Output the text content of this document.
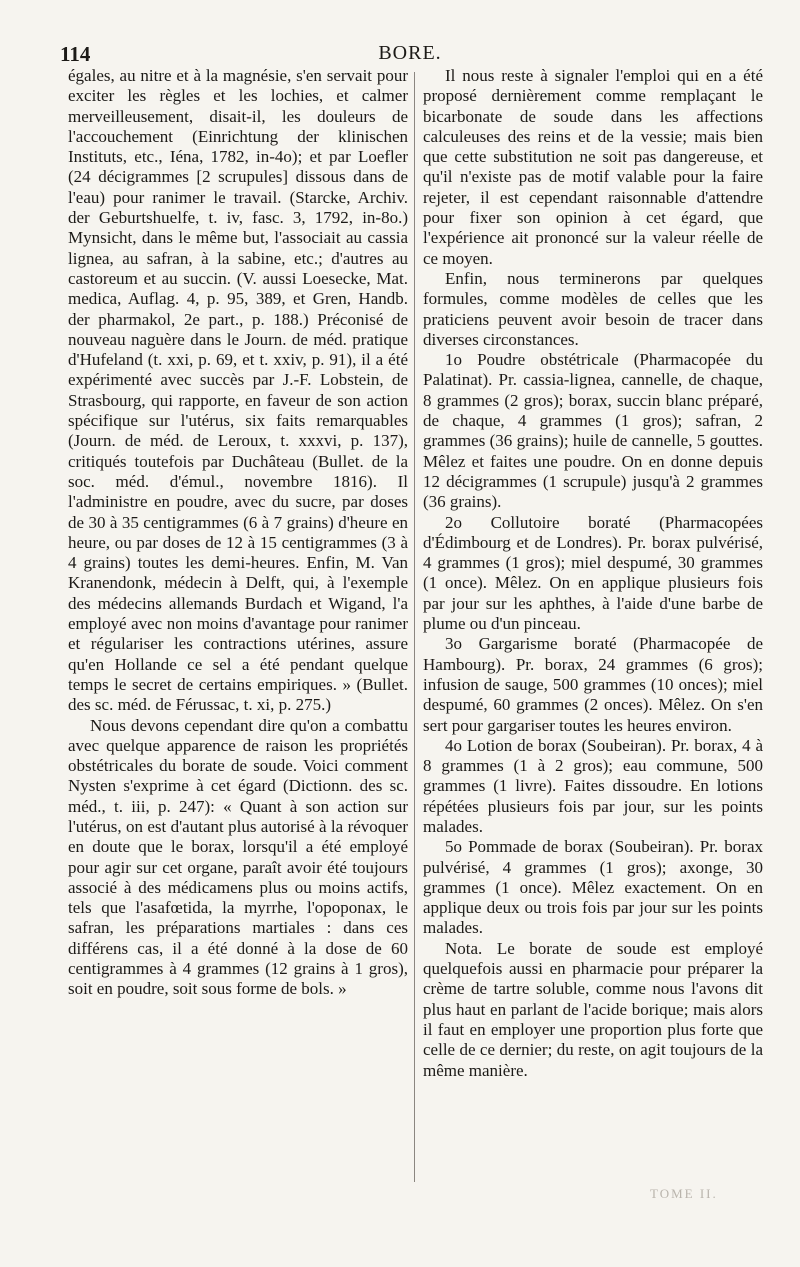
114	BORE.

égales, au nitre et à la magnésie, s'en servait pour exciter les règles et les lochies, et calmer merveilleusement, disait-il, les douleurs de l'accouchement (Einrichtung der klinischen Instituts, etc., Iéna, 1782, in-4o); et par Loefler (24 décigrammes [2 scrupules] dissous dans de l'eau) pour ranimer le travail. (Starcke, Archiv. der Geburtshuelfe, t. iv, fasc. 3, 1792, in-8o.) Mynsicht, dans le même but, l'associait au cassia lignea, au safran, à la sabine, etc.; d'autres au castoreum et au succin. (V. aussi Loesecke, Mat. medica, Auflag. 4, p. 95, 389, et Gren, Handb. der pharmakol, 2e part., p. 188.) Préconisé de nouveau naguère dans le Journ. de méd. pratique d'Hufeland (t. xxi, p. 69, et t. xxiv, p. 91), il a été expérimenté avec succès par J.-F. Lobstein, de Strasbourg, qui rapporte, en faveur de son action spécifique sur l'utérus, six faits remarquables (Journ. de méd. de Leroux, t. xxxvi, p. 137), critiqués toutefois par Duchâteau (Bullet. de la soc. méd. d'émul., novembre 1816). Il l'administre en poudre, avec du sucre, par doses de 30 à 35 centigrammes (6 à 7 grains) d'heure en heure, ou par doses de 12 à 15 centigrammes (3 à 4 grains) toutes les demi-heures. Enfin, M. Van Kranendonk, médecin à Delft, qui, à l'exemple des médecins allemands Burdach et Wigand, l'a employé avec non moins d'avantage pour ranimer et régulariser les contractions utérines, assure qu'en Hollande ce sel a été pendant quelque temps le secret de certains empiriques. » (Bullet. des sc. méd. de Férussac, t. xi, p. 275.)

Nous devons cependant dire qu'on a combattu avec quelque apparence de raison les propriétés obstétricales du borate de soude. Voici comment Nysten s'exprime à cet égard (Dictionn. des sc. méd., t. iii, p. 247): « Quant à son action sur l'utérus, on est d'autant plus autorisé à la révoquer en doute que le borax, lorsqu'il a été employé pour agir sur cet organe, paraît avoir été toujours associé à des médicamens plus ou moins actifs, tels que l'asafœtida, la myrrhe, l'opoponax, le safran, les préparations martiales : dans ces différens cas, il a été donné à la dose de 60 centigrammes à 4 grammes (12 grains à 1 gros), soit en poudre, soit sous forme de bols. »

Il nous reste à signaler l'emploi qui en a été proposé dernièrement comme remplaçant le bicarbonate de soude dans les affections calculeuses des reins et de la vessie; mais bien que cette substitution ne soit pas dangereuse, et qu'il n'existe pas de motif valable pour la faire rejeter, il est cependant raisonnable d'attendre pour fixer son opinion à cet égard, que l'expérience ait prononcé sur la valeur réelle de ce moyen.

Enfin, nous terminerons par quelques formules, comme modèles de celles que les praticiens peuvent avoir besoin de tracer dans diverses circonstances.

1o Poudre obstétricale (Pharmacopée du Palatinat). Pr. cassia-lignea, cannelle, de chaque, 8 grammes (2 gros); borax, succin blanc préparé, de chaque, 4 grammes (1 gros); safran, 2 grammes (36 grains); huile de cannelle, 5 gouttes. Mêlez et faites une poudre. On en donne depuis 12 décigrammes (1 scrupule) jusqu'à 2 grammes (36 grains).

2o Collutoire boraté (Pharmacopées d'Édimbourg et de Londres). Pr. borax pulvérisé, 4 grammes (1 gros); miel despumé, 30 grammes (1 once). Mêlez. On en applique plusieurs fois par jour sur les aphthes, à l'aide d'une barbe de plume ou d'un pinceau.

3o Gargarisme boraté (Pharmacopée de Hambourg). Pr. borax, 24 grammes (6 gros); infusion de sauge, 500 grammes (10 onces); miel despumé, 60 grammes (2 onces). Mêlez. On s'en sert pour gargariser toutes les heures environ.

4o Lotion de borax (Soubeiran). Pr. borax, 4 à 8 grammes (1 à 2 gros); eau commune, 500 grammes (1 livre). Faites dissoudre. En lotions répétées plusieurs fois par jour, sur les points malades.

5o Pommade de borax (Soubeiran). Pr. borax pulvérisé, 4 grammes (1 gros); axonge, 30 grammes (1 once). Mêlez exactement. On en applique deux ou trois fois par jour sur les points malades.

Nota. Le borate de soude est employé quelquefois aussi en pharmacie pour préparer la crème de tartre soluble, comme nous l'avons dit plus haut en parlant de l'acide borique; mais alors il faut en employer une proportion plus forte que celle de ce dernier; du reste, on agit toujours de la même manière.

TOME II.
